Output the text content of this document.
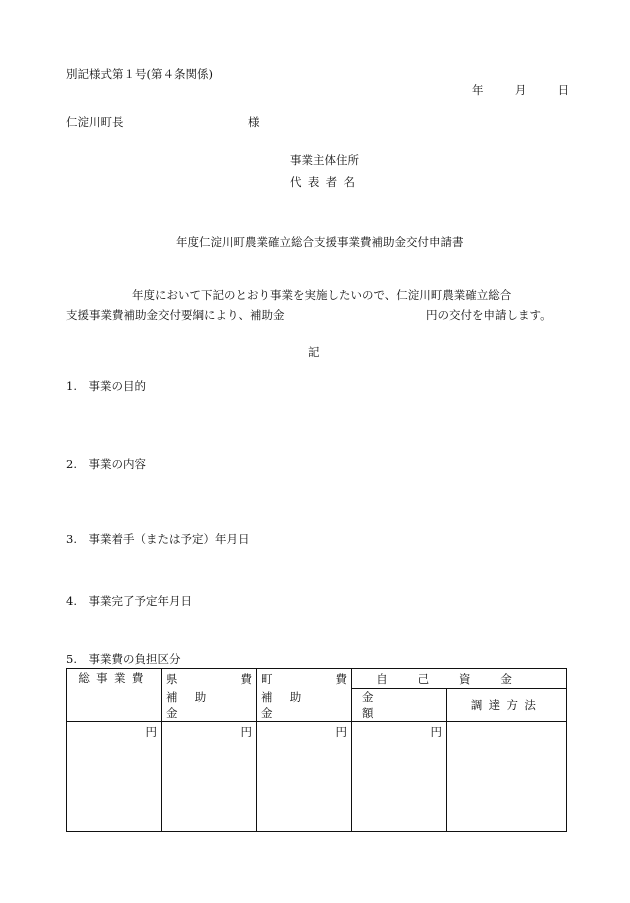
別記様式第１号(第４条関係)
年	月	日
仁淀川町長	様
事業主体住所
代表者名
年度仁淀川町農業確立総合支援事業費補助金交付申請書
年度において下記のとおり事業を実施したいので、仁淀川町農業確立総合
支援事業費補助金交付要綱により、補助金	円の交付を申請します。
記
1.　事業の目的
2.　事業の内容
3.　事業着手（または予定）年月日
4.　事業完了予定年月日
5.　事業費の負担区分
総事業費	県 費	町 費	自己資金	

	補助金	補助金	金額	調達方法

円	円	円	円	
